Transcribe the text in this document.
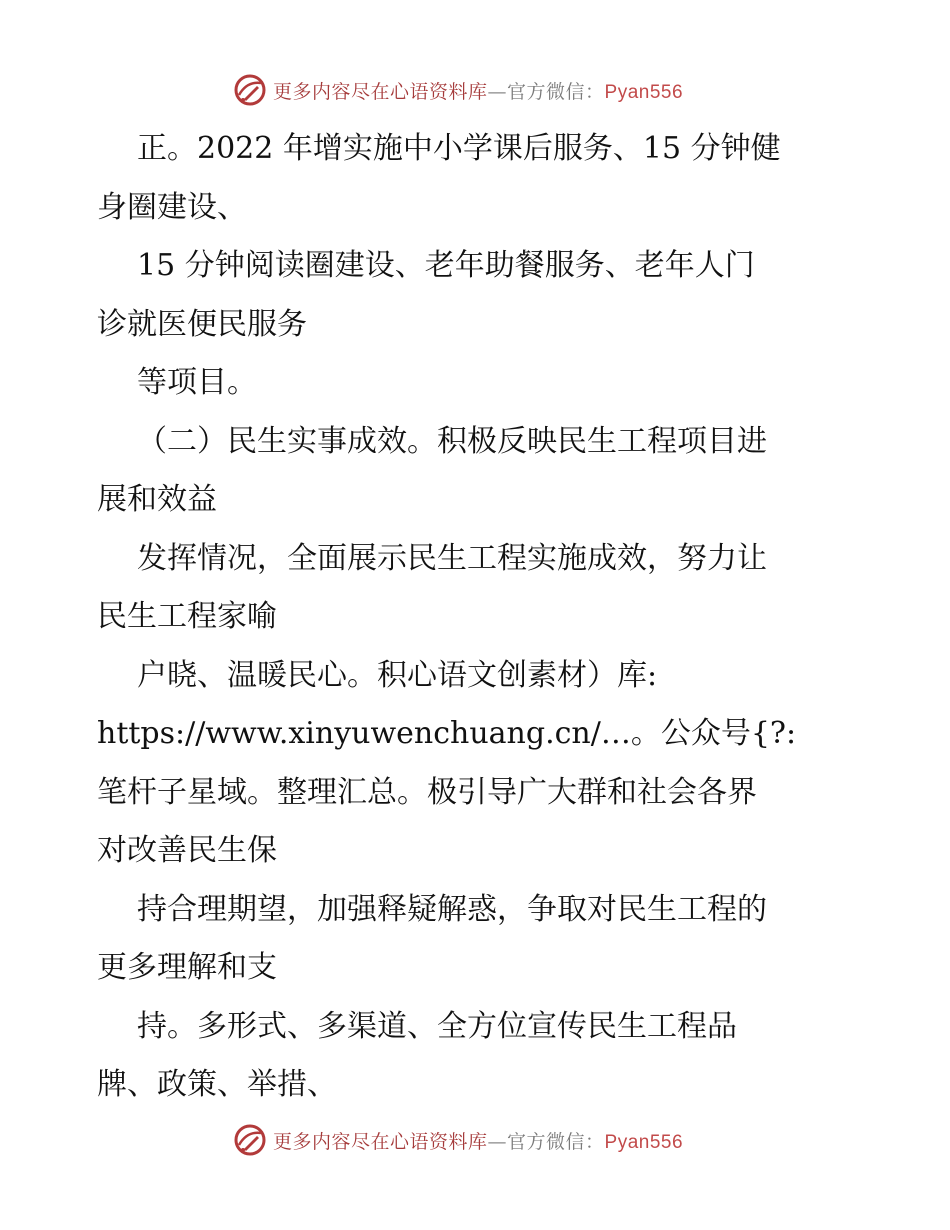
更多内容尽在心语资料库—官方微信：Pyan556
正。2022 年增实施中小学课后服务、15 分钟健
身圈建设、
15 分钟阅读圈建设、老年助餐服务、老年人门
诊就医便民服务
等项目。
（二）民生实事成效。积极反映民生工程项目进
展和效益
发挥情况，全面展示民生工程实施成效，努力让
民生工程家喻
户晓、温暖民心。积心语文创素材）库:
https://www.xinyuwenchuang.cn/…。公众号{?:
笔杆子星域。整理汇总。极引导广大群和社会各界
对改善民生保
持合理期望，加强释疑解惑，争取对民生工程的
更多理解和支
持。多形式、多渠道、全方位宣传民生工程品
牌、政策、举措、
更多内容尽在心语资料库—官方微信：Pyan556
